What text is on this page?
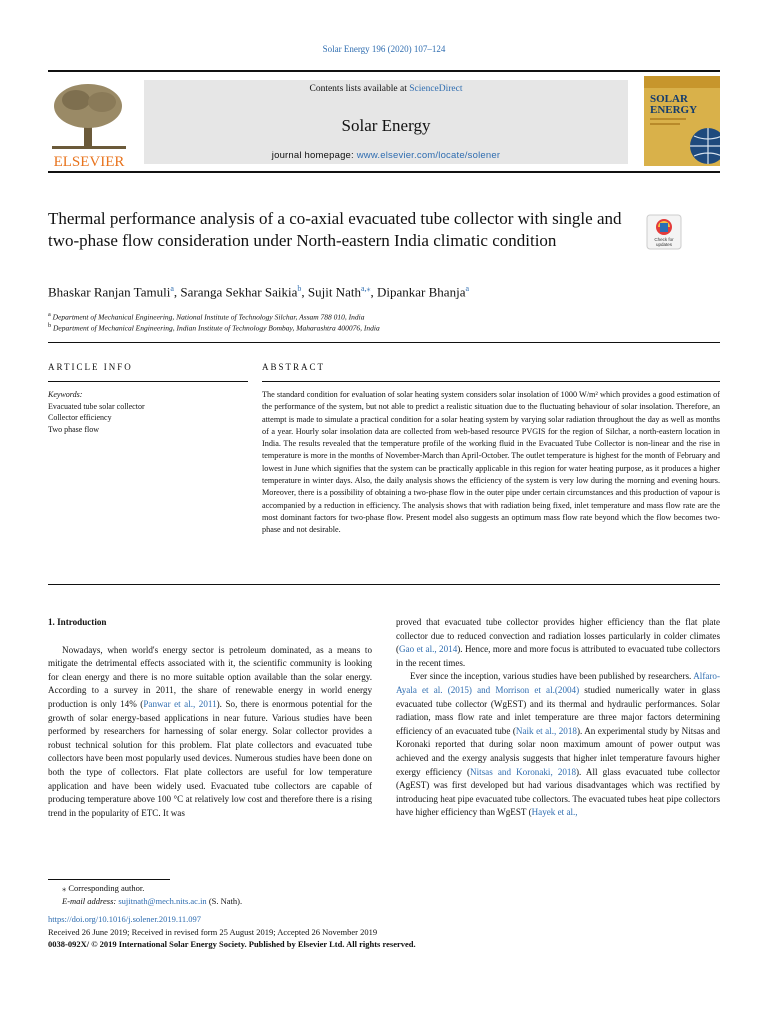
Solar Energy 196 (2020) 107–124
ELSEVIER
Contents lists available at ScienceDirect
Solar Energy
journal homepage: www.elsevier.com/locate/solener
SOLAR
ENERGY
Thermal performance analysis of a co-axial evacuated tube collector with single and two-phase flow consideration under North-eastern India climatic condition	Check for
updates
Bhaskar Ranjan Tamuli$^a$, Saranga Sekhar Saikia$^b$, Sujit Nath$^{a,⁎}$, Dipankar Bhanja$^a$
$^a$ Department of Mechanical Engineering, National Institute of Technology Silchar, Assam 788 010, India
$^b$ Department of Mechanical Engineering, Indian Institute of Technology Bombay, Maharashtra 400076, India
ARTICLE INFO	ABSTRACT
Keywords:
Evacuated tube solar collector
Collector efficiency
Two phase flow
The standard condition for evaluation of solar heating system considers solar insolation of 1000 W/m² which provides a good estimation of the performance of the system, but not able to predict a realistic situation due to the fluctuating behaviour of solar insolation. Therefore, an attempt is made to simulate a practical condition for a solar heating system by varying solar radiation throughout the day as well as months of a year. Hourly solar insolation data are collected from web-based resource PVGIS for the region of Silchar, a north-eastern location in India. The results revealed that the temperature profile of the working fluid in the Evacuated Tube Collector is non-linear and the rise in temperature is more in the months of November-March than April-October. The outlet temperature is highest for the month of February and lowest in June which signifies that the system can be practically applicable in this region for water heating purpose, as it produces a higher temperature in winter days. Also, the daily analysis shows the efficiency of the system is very low during the morning and evening hours. Moreover, there is a possibility of obtaining a two-phase flow in the outer pipe under certain circumstances and this production of vapour is accompanied by a reduction in efficiency. The analysis shows that with radiation being fixed, inlet temperature and mass flow rate are the most dominant factors for two-phase flow. Present model also suggests an optimum mass flow rate beyond which the flow becomes two-phase and not desirable.

1. Introduction

Nowadays, when world's energy sector is petroleum dominated, as a means to mitigate the detrimental effects associated with it, the scientific community is looking for clean energy and there is no more suitable option available than the solar energy. According to a survey in 2011, the share of renewable energy in world energy production is only 14% (Panwar et al., 2011). So, there is enormous potential for the growth of solar energy-based applications in near future. Various studies have been performed by researchers for harnessing of solar energy. Solar collector provides a robust technical solution for this problem. Flat plate collectors and evacuated tube collectors have been most popularly used devices. Numerous studies have been done on both the type of collectors. Flat plate collectors are useful for low temperature application and have been widely used. Evacuated tube collectors are capable of producing temperature above 100 °C at relatively low cost and therefore there is a rising trend in the popularity of ETC. It was

proved that evacuated tube collector provides higher efficiency than the flat plate collector due to reduced convection and radiation losses particularly in colder climates (Gao et al., 2014). Hence, more and more focus is attributed to evacuated tube collectors in the recent times.

Ever since the inception, various studies have been published by researchers. Alfaro-Ayala et al. (2015) and Morrison et al.(2004) studied numerically water in glass evacuated tube collector (WgEST) and its thermal and hydraulic performances. Solar radiation, mass flow rate and inlet temperature are three major factors determining efficiency of an evacuated tube (Naik et al., 2018). An experimental study by Nitsas and Koronaki reported that during solar noon maximum amount of power output was achieved and the exergy analysis suggests that higher inlet temperature favours higher exergy efficiency (Nitsas and Koronaki, 2018). All glass evacuated tube collector (AgEST) was first developed but had various disadvantages which was rectified by introducing heat pipe evacuated tube collectors. The evacuated tubes heat pipe collectors have higher efficiency than WgEST (Hayek et al.,

⁎ Corresponding author.
E-mail address: sujitnath@mech.nits.ac.in (S. Nath).
https://doi.org/10.1016/j.solener.2019.11.097
Received 26 June 2019; Received in revised form 25 August 2019; Accepted 26 November 2019
0038-092X/ © 2019 International Solar Energy Society. Published by Elsevier Ltd. All rights reserved.
